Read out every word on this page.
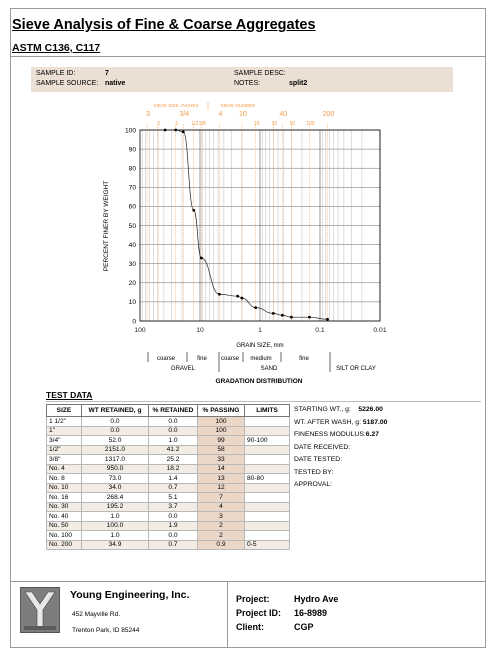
Sieve Analysis of Fine & Coarse Aggregates
ASTM C136, C117
SAMPLE ID:	7
SAMPLE SOURCE: native
SAMPLE DESC:
NOTES:	split2
SIEVE SIZE, INCHES	SIEVE NUMBER
3
2	1
3/4
1/2 3/8
4 10
16 30
40
50 100
200
0
10
20
30
40
50
60
70
80
90
100
100	10	1	0.1	0.01
GRAIN SIZE, mm
PERCENT FINER BY WEIGHT
coarse	fine coarse medium	fine
GRAVEL	SAND	SILT OR CLAY
GRADATION DISTRIBUTION
TEST DATA
SIZE	WT RETAINED, g	% RETAINED	% PASSING	LIMITS
1 1/2"	0.0	0.0	100	
1"	0.0	0.0	100	
3/4"	52.0	1.0	99	90-100
1/2"	2151.0	41.2	58	
3/8"	1317.0	25.2	33	
No. 4	950.0	18.2	14	
No. 8	73.0	1.4	13	80-80
No. 10	34.0	0.7	12	
No. 16	268.4	5.1	7	
No. 30	195.2	3.7	4	
No. 40	1.0	0.0	3	
No. 50	100.0	1.9	2	
No. 100	1.0	0.0	2	
No. 200	34.9	0.7	0.9	0-5
STARTING WT., g: 5226.00
WT. AFTER WASH, g: 5187.00
FINENESS MODULUS:6.27
DATE RECEIVED:
DATE TESTED:
TESTED BY:
APPROVAL:
Young Engineering, Inc.
452 Mayville Rd.
Trenton Park, ID 85244
Project:	Hydro Ave
Project ID: 16-8989
Client:	CGP
